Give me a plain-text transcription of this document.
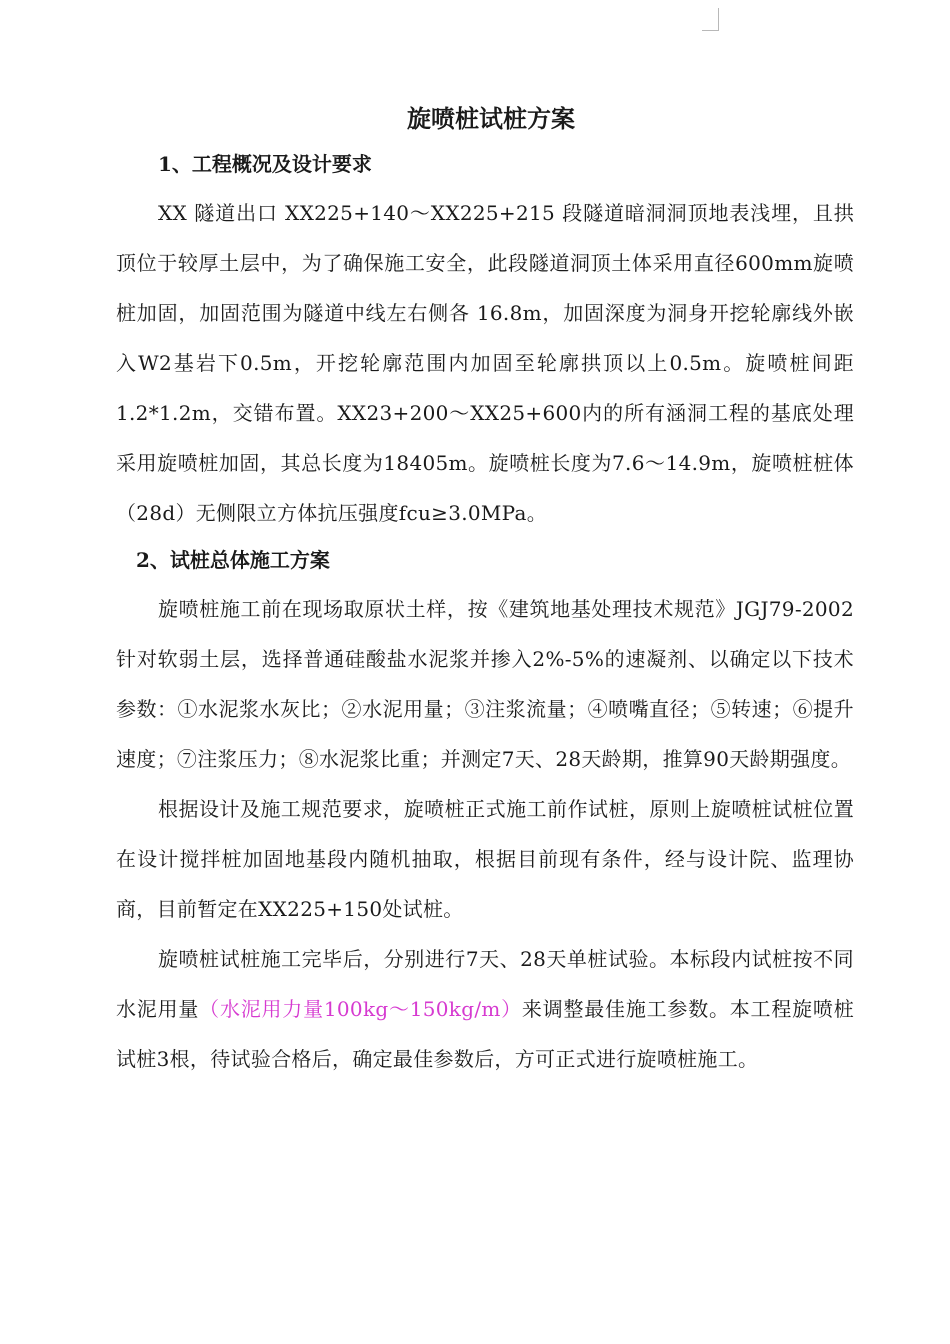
旋喷桩试桩方案
1、工程概况及设计要求

XX 隧道出口 XX225+140～XX225+215 段隧道暗洞洞顶地表浅埋，且拱顶位于较厚土层中，为了确保施工安全，此段隧道洞顶土体采用直径600mm旋喷桩加固，加固范围为隧道中线左右侧各 16.8m，加固深度为洞身开挖轮廓线外嵌入W2基岩下0.5m，开挖轮廓范围内加固至轮廓拱顶以上0.5m。旋喷桩间距1.2*1.2m，交错布置。XX23+200～XX25+600内的所有涵洞工程的基底处理采用旋喷桩加固，其总长度为18405m。旋喷桩长度为7.6～14.9m，旋喷桩桩体（28d）无侧限立方体抗压强度fcu≥3.0MPa。

2、试桩总体施工方案

旋喷桩施工前在现场取原状土样，按《建筑地基处理技术规范》JGJ79-2002针对软弱土层，选择普通硅酸盐水泥浆并掺入2%-5%的速凝剂、以确定以下技术参数：①水泥浆水灰比；②水泥用量；③注浆流量；④喷嘴直径；⑤转速；⑥提升速度；⑦注浆压力；⑧水泥浆比重；并测定7天、28天龄期，推算90天龄期强度。

根据设计及施工规范要求，旋喷桩正式施工前作试桩，原则上旋喷桩试桩位置在设计搅拌桩加固地基段内随机抽取，根据目前现有条件，经与设计院、监理协商，目前暂定在XX225+150处试桩。

旋喷桩试桩施工完毕后，分别进行7天、28天单桩试验。本标段内试桩按不同水泥用量（水泥用力量100kg～150kg/m）来调整最佳施工参数。本工程旋喷桩试桩3根，待试验合格后，确定最佳参数后，方可正式进行旋喷桩施工。
